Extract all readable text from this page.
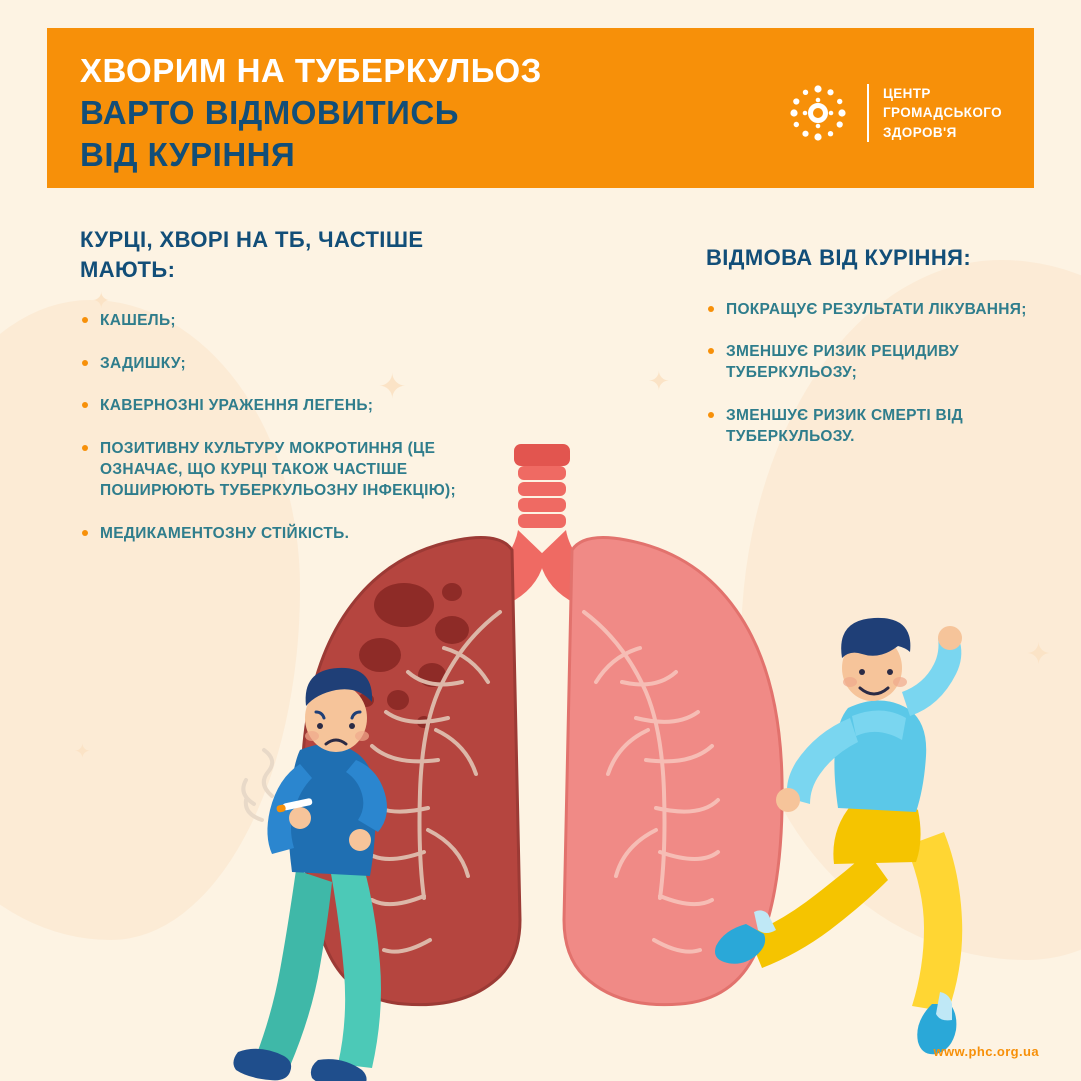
✦
✦	✦
✦
✦
ХВОРИМ НА ТУБЕРКУЛЬОЗ
ВАРТО ВІДМОВИТИСЬ
ВІД КУРІННЯ
ЦЕНТР
ГРОМАДСЬКОГО
ЗДОРОВ'Я
КУРЦІ, ХВОРІ НА ТБ, ЧАСТІШЕ МАЮТЬ:
КАШЕЛЬ;
ЗАДИШКУ;
КАВЕРНОЗНІ УРАЖЕННЯ ЛЕГЕНЬ;
ПОЗИТИВНУ КУЛЬТУРУ МОКРОТИННЯ (ЦЕ ОЗНАЧАЄ, ЩО КУРЦІ ТАКОЖ ЧАСТІШЕ ПОШИРЮЮТЬ ТУБЕРКУЛЬОЗНУ ІНФЕКЦІЮ);
МЕДИКАМЕНТОЗНУ СТІЙКІСТЬ.
ВІДМОВА ВІД КУРІННЯ:
ПОКРАЩУЄ РЕЗУЛЬТАТИ ЛІКУВАННЯ;
ЗМЕНШУЄ РИЗИК РЕЦИДИВУ ТУБЕРКУЛЬОЗУ;
ЗМЕНШУЄ РИЗИК СМЕРТІ ВІД ТУБЕРКУЛЬОЗУ.
www.phc.org.ua
